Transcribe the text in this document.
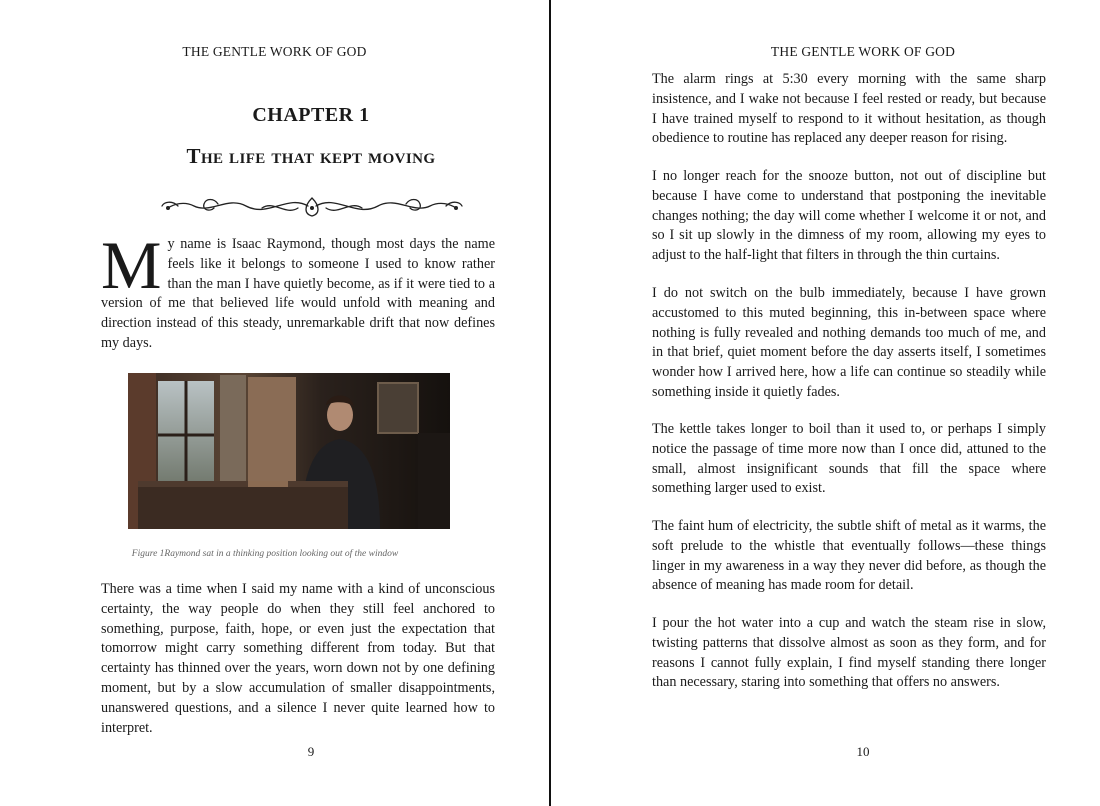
THE GENTLE WORK OF GOD
CHAPTER 1
The life that kept moving
My name is Isaac Raymond, though most days the name feels like it belongs to someone I used to know rather than the man I have quietly become, as if it were tied to a version of me that believed life would unfold with meaning and direction instead of this steady, unremarkable drift that now defines my days.
Figure 1Raymond sat in a thinking position looking out of the window
There was a time when I said my name with a kind of unconscious certainty, the way people do when they still feel anchored to something, purpose, faith, hope, or even just the expectation that tomorrow might carry something different from today. But that certainty has thinned over the years, worn down not by one defining moment, but by a slow accumulation of smaller disappointments, unanswered questions, and a silence I never quite learned how to interpret.
9
THE GENTLE WORK OF GOD
The alarm rings at 5:30 every morning with the same sharp insistence, and I wake not because I feel rested or ready, but because I have trained myself to respond to it without hesitation, as though obedience to routine has replaced any deeper reason for rising.
I no longer reach for the snooze button, not out of discipline but because I have come to understand that postponing the inevitable changes nothing; the day will come whether I welcome it or not, and so I sit up slowly in the dimness of my room, allowing my eyes to adjust to the half-light that filters in through the thin curtains.
I do not switch on the bulb immediately, because I have grown accustomed to this muted beginning, this in-between space where nothing is fully revealed and nothing demands too much of me, and in that brief, quiet moment before the day asserts itself, I sometimes wonder how I arrived here, how a life can continue so steadily while something inside it quietly fades.
The kettle takes longer to boil than it used to, or perhaps I simply notice the passage of time more now than I once did, attuned to the small, almost insignificant sounds that fill the space where something larger used to exist.
The faint hum of electricity, the subtle shift of metal as it warms, the soft prelude to the whistle that eventually follows—these things linger in my awareness in a way they never did before, as though the absence of meaning has made room for detail.
I pour the hot water into a cup and watch the steam rise in slow, twisting patterns that dissolve almost as soon as they form, and for reasons I cannot fully explain, I find myself standing there longer than necessary, staring into something that offers no answers.
10
